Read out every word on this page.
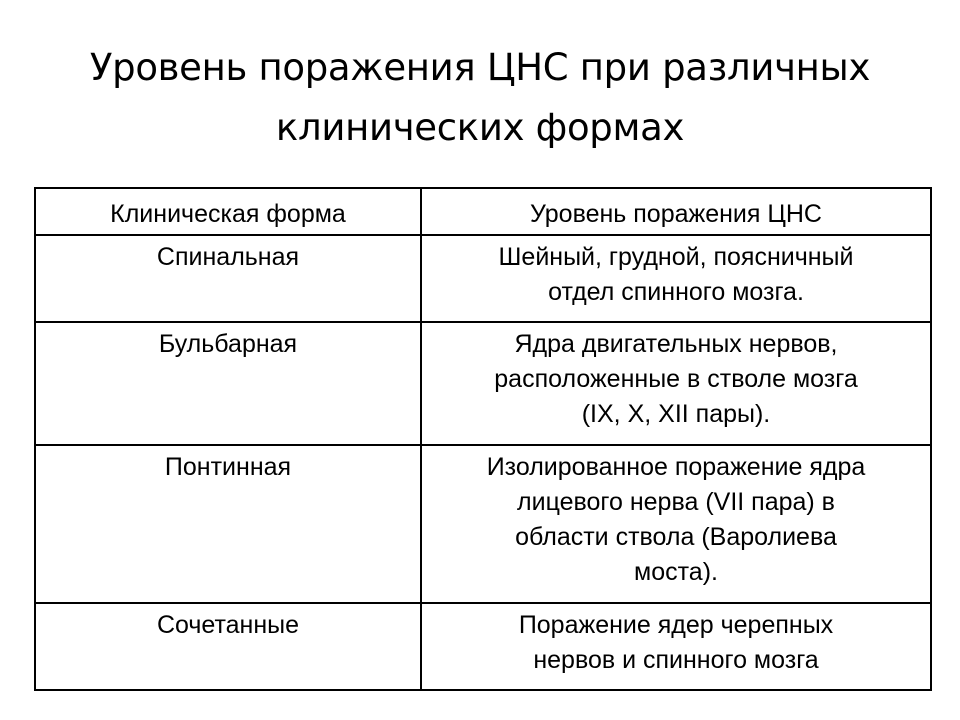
Уровень поражения ЦНС при различных
клинических формах
Клиническая форма	Уровень поражения ЦНС
Спинальная	Шейный, грудной, поясничный
отдел спинного мозга.

Бульбарная	Ядра двигательных нервов,
расположенные в стволе мозга
(IX, X, XII пары).

Понтинная	Изолированное поражение ядра
лицевого нерва (VII пара) в
области ствола (Варолиева
моста).

Сочетанные	Поражение ядер черепных
нервов и спинного мозга
